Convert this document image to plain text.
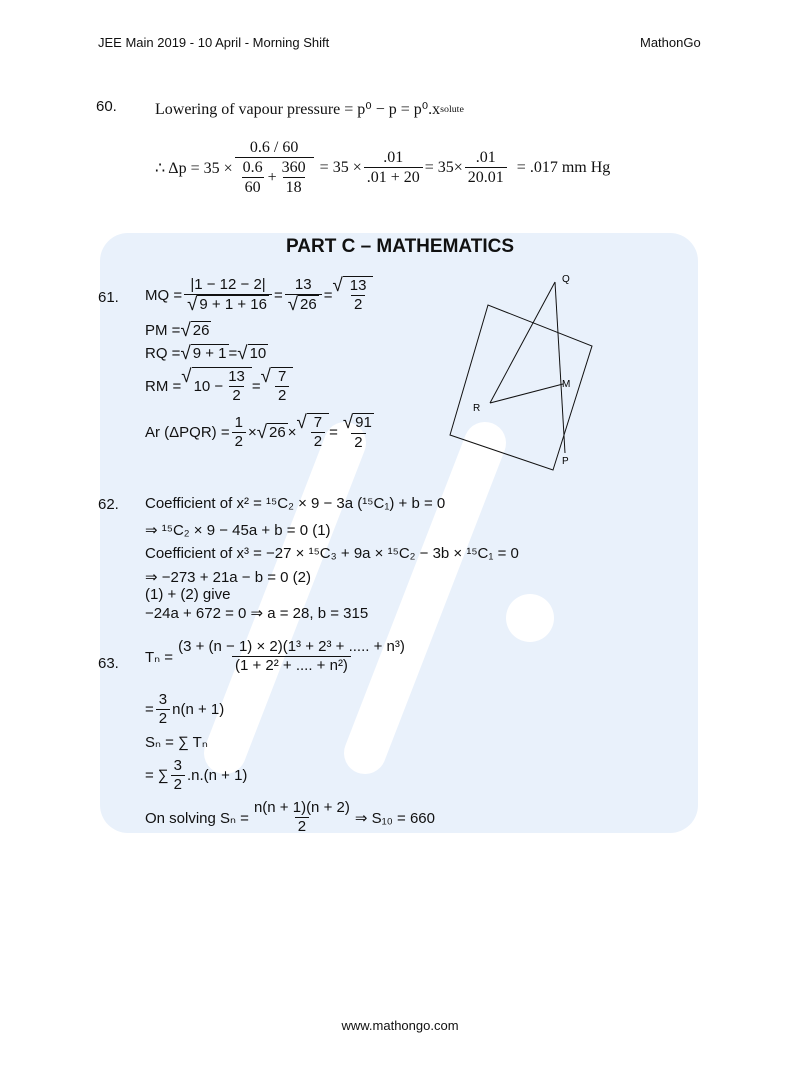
JEE Main 2019 - 10 April - Morning Shift	MathonGo
60. Lowering of vapour pressure = p⁰ − p = p⁰.x solute
∴ $\Delta p = 35 \times \frac{0.6 / 60}{\frac{0.6}{60} + \frac{360}{18}} = 35 \times \frac{.01}{.01 + 20} = 35\times \frac{.01}{20.01} = .017$ mm Hg
PART C – MATHEMATICS
61. MQ = $\frac{|1 - 12 - 2|}{√ 9 + 1 + 16} = \frac{13}{√ 26}$ =
√ $\frac{13}{2}$
PM = √ 26
RQ = √ 9 + 1 = √ 10
RM =
√ $10 - \frac{13}{2}$ =
√ $\frac{7}{2}$
Ar $(\Delta PQR) = \frac{1}{2}$ × √ 26 ×
√ $\frac{7}{2} = \frac{√ 91}{2}$
Q
M
R
P
62. Coefficient of x² = ¹⁵C₂ × 9 − 3a (¹⁵C₁) + b = 0
⇒ ¹⁵C₂ × 9 − 45a + b = 0 (1)
Coefficient of x³ = −27 × ¹⁵C₃ + 9a × ¹⁵C₂ − 3b × ¹⁵C₁ = 0
⇒ −273 + 21a − b = 0 (2)
(1) + (2) give
−24a + 672 = 0 ⇒ a = 28, b = 315
63. $T_n = \frac{\text{(3 + (n − 1) × 2)(1³ + 2³ + ..... + n³)}}{\text{(1 + 2² + .... + n²)}}$
= $\frac{3}{2} n(n + 1)$
Sₙ = ∑ Tₙ
= ∑ $\frac{3}{2} .n.(n + 1)$
On solving $S_n = \frac{n(n + 1)(n + 2)}{2}$ ⇒ S₁₀ = 660
www.mathongo.com
